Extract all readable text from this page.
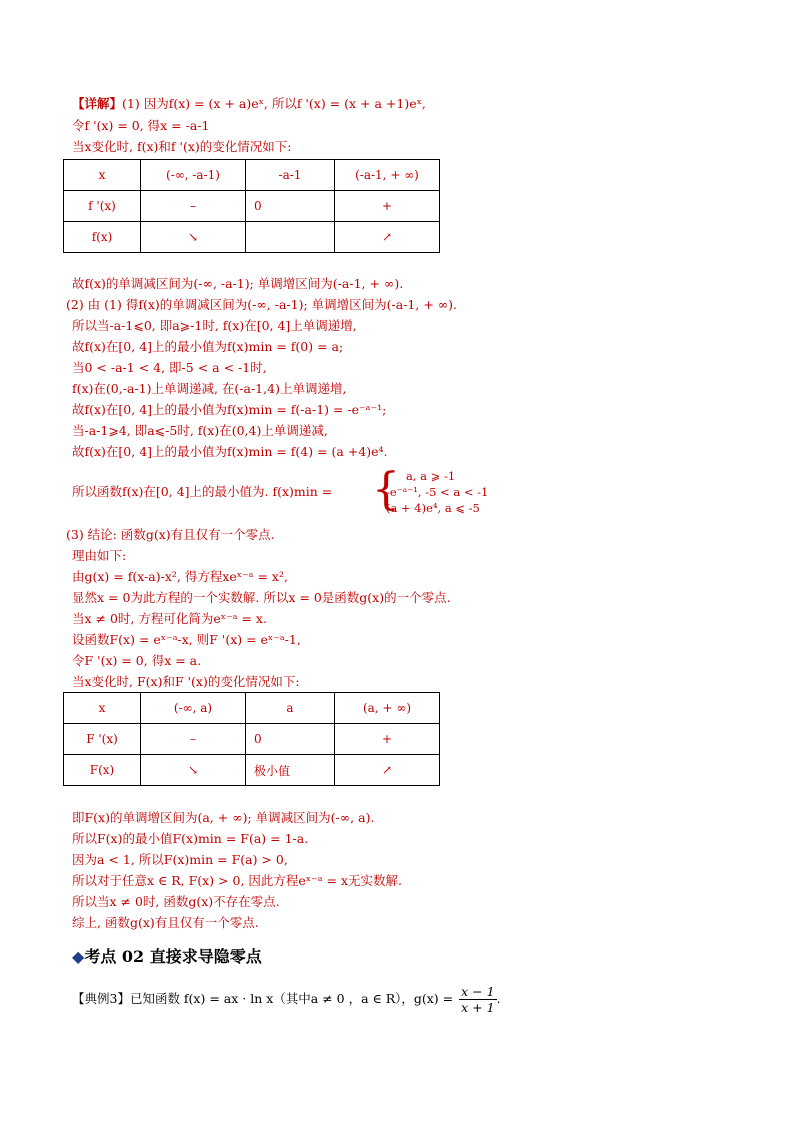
【详解】(1) 因为f(x) = (x + a)eˣ, 所以f '(x) = (x + a +1)eˣ,
令f '(x) = 0, 得x = -a-1
当x变化时, f(x)和f '(x)的变化情况如下:
x	(-∞, -a-1)	-a-1	(-a-1, + ∞)
f '(x)	–	0	+
f(x)	↘		↗
故f(x)的单调减区间为(-∞, -a-1); 单调增区间为(-a-1, + ∞).
(2) 由 (1) 得f(x)的单调减区间为(-∞, -a-1); 单调增区间为(-a-1, + ∞).
所以当-a-1⩽0, 即a⩾-1时, f(x)在[0, 4]上单调递增,
故f(x)在[0, 4]上的最小值为f(x)min = f(0) = a;
当0 < -a-1 < 4, 即-5 < a < -1时,
f(x)在(0,-a-1)上单调递减, 在(-a-1,4)上单调递增,
故f(x)在[0, 4]上的最小值为f(x)min = f(-a-1) = -e⁻ᵃ⁻¹;
当-a-1⩾4, 即a⩽-5时, f(x)在(0,4)上单调递减,
故f(x)在[0, 4]上的最小值为f(x)min = f(4) = (a +4)e⁴.
所以函数f(x)在[0, 4]上的最小值为. f(x)min = { a, a ⩾ -1
-e⁻ᵃ⁻¹, -5 < a < -1
(a + 4)e⁴, a ⩽ -5
(3) 结论: 函数g(x)有且仅有一个零点.
理由如下:
由g(x) = f(x-a)-x², 得方程xeˣ⁻ᵃ = x²,
显然x = 0为此方程的一个实数解. 所以x = 0是函数g(x)的一个零点.
当x ≠ 0时, 方程可化简为eˣ⁻ᵃ = x.
设函数F(x) = eˣ⁻ᵃ-x, 则F '(x) = eˣ⁻ᵃ-1,
令F '(x) = 0, 得x = a.
当x变化时, F(x)和F '(x)的变化情况如下:
x	(-∞, a)	a	(a, + ∞)
F '(x)	–	0	+
F(x)	↘	极小值	↗
即F(x)的单调增区间为(a, + ∞); 单调减区间为(-∞, a).
所以F(x)的最小值F(x)min = F(a) = 1-a.
因为a < 1, 所以F(x)min = F(a) > 0,
所以对于任意x ∈ R, F(x) > 0, 因此方程eˣ⁻ᵃ = x无实数解.
所以当x ≠ 0时, 函数g(x)不存在零点.
综上, 函数g(x)有且仅有一个零点.
◆考点 02 直接求导隐零点
【典例3】已知函数 f(x) = ax · ln x（其中a ≠ 0 ，a ∈ R），$g(x) = \frac{x - 1}{x + 1}$ .
